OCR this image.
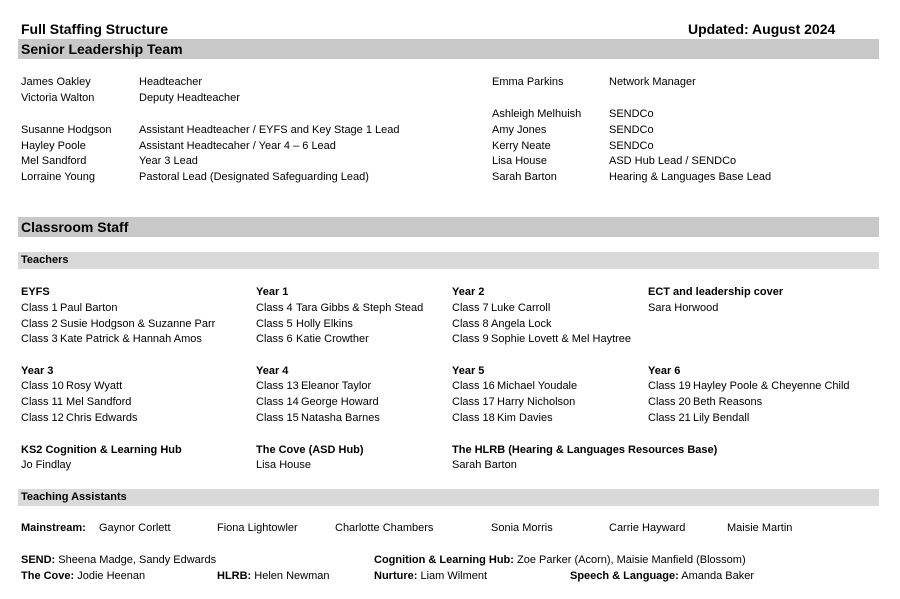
Full Staffing Structure	Updated: August 2024
Senior Leadership Team
James Oakley	Headteacher
Victoria Walton	Deputy Headteacher
Susanne Hodgson Assistant Headteacher / EYFS and Key Stage 1 Lead
Hayley Poole	Assistant Headtecaher / Year 4 – 6 Lead
Mel Sandford	Year 3 Lead
Lorraine Young	Pastoral Lead (Designated Safeguarding Lead)
Emma Parkins	Network Manager
Ashleigh Melhuish	SENDCo
Amy Jones	SENDCo
Kerry Neate	SENDCo
Lisa House	ASD Hub Lead / SENDCo
Sarah Barton	Hearing & Languages Base Lead
Classroom Staff
Teachers
EYFS
Class 1 Paul Barton
Class 2 Susie Hodgson & Suzanne Parr
Class 3 Kate Patrick & Hannah Amos
Year 1
Class 4 Tara Gibbs & Steph Stead
Class 5 Holly Elkins
Class 6 Katie Crowther
Year 2
Class 7 Luke Carroll
Class 8 Angela Lock
Class 9 Sophie Lovett & Mel Haytree
ECT and leadership cover
Sara Horwood
Year 3
Class 10 Rosy Wyatt
Class 11 Mel Sandford
Class 12 Chris Edwards
Year 4
Class 13 Eleanor Taylor
Class 14 George Howard
Class 15 Natasha Barnes
Year 5
Class 16 Michael Youdale
Class 17 Harry Nicholson
Class 18 Kim Davies
Year 6
Class 19 Hayley Poole & Cheyenne Child
Class 20 Beth Reasons
Class 21 Lily Bendall
KS2 Cognition & Learning Hub
Jo Findlay
The Cove (ASD Hub)
Lisa House
The HLRB (Hearing & Languages Resources Base)
Sarah Barton
Teaching Assistants
Mainstream: Gaynor Corlett	Fiona Lightowler	Charlotte Chambers	Sonia Morris	Carrie Hayward	Maisie Martin
SEND: Sheena Madge, Sandy Edwards	Cognition & Learning Hub: Zoe Parker (Acorn), Maisie Manfield (Blossom)
The Cove: Jodie Heenan	HLRB: Helen Newman	Nurture: Liam Wilment	Speech & Language: Amanda Baker
